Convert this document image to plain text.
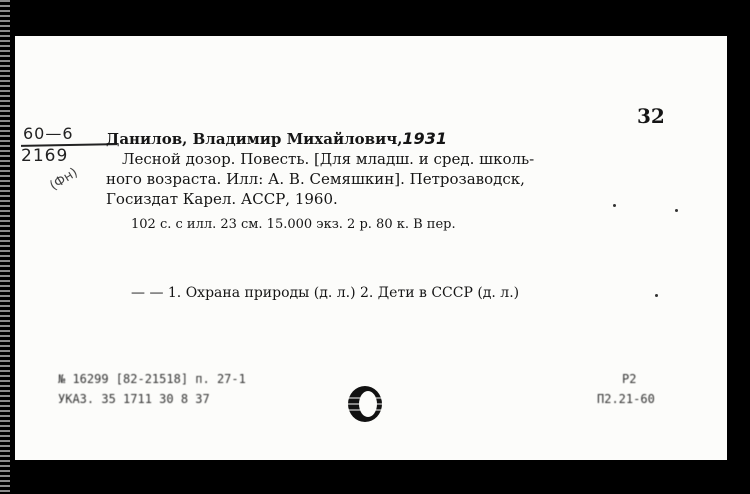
32
60—6
2169
(Фн)
Данилов, Владимир Михайлович,1931

Лесной дозор. Повесть. [Для младш. и сред. школь-
ного возраста. Илл: А. В. Семяшкин]. Петрозаводск,
Госиздат Карел. АССР, 1960.

102 с. с илл. 23 см. 15.000 экз. 2 р. 80 к. В пер.
— — 1. Охрана природы (д. л.) 2. Дети в СССР (д. л.)
№ 16299 [82-21518] п. 27-1
УКАЗ. 35 1711 30 8 37
Р2
П2.21-60
